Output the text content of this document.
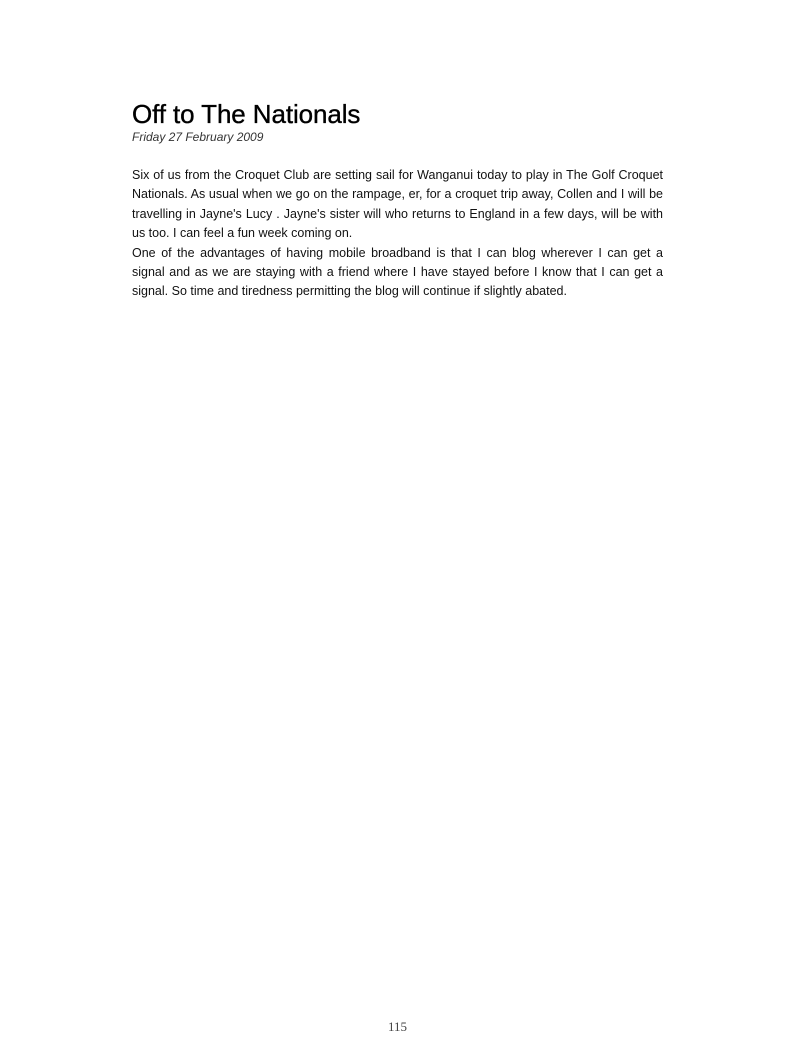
Off to The Nationals
Friday 27 February 2009

Six of us from the Croquet Club are setting sail for Wanganui today to play in The Golf Croquet Nationals. As usual when we go on the rampage, er, for a croquet trip away, Collen and I will be travelling in Jayne's Lucy . Jayne's sister will who returns to England in a few days, will be with us too. I can feel a fun week coming on.

One of the advantages of having mobile broadband is that I can blog wherever I can get a signal and as we are staying with a friend where I have stayed before I know that I can get a signal. So time and tiredness permitting the blog will continue if slightly abated.

115
